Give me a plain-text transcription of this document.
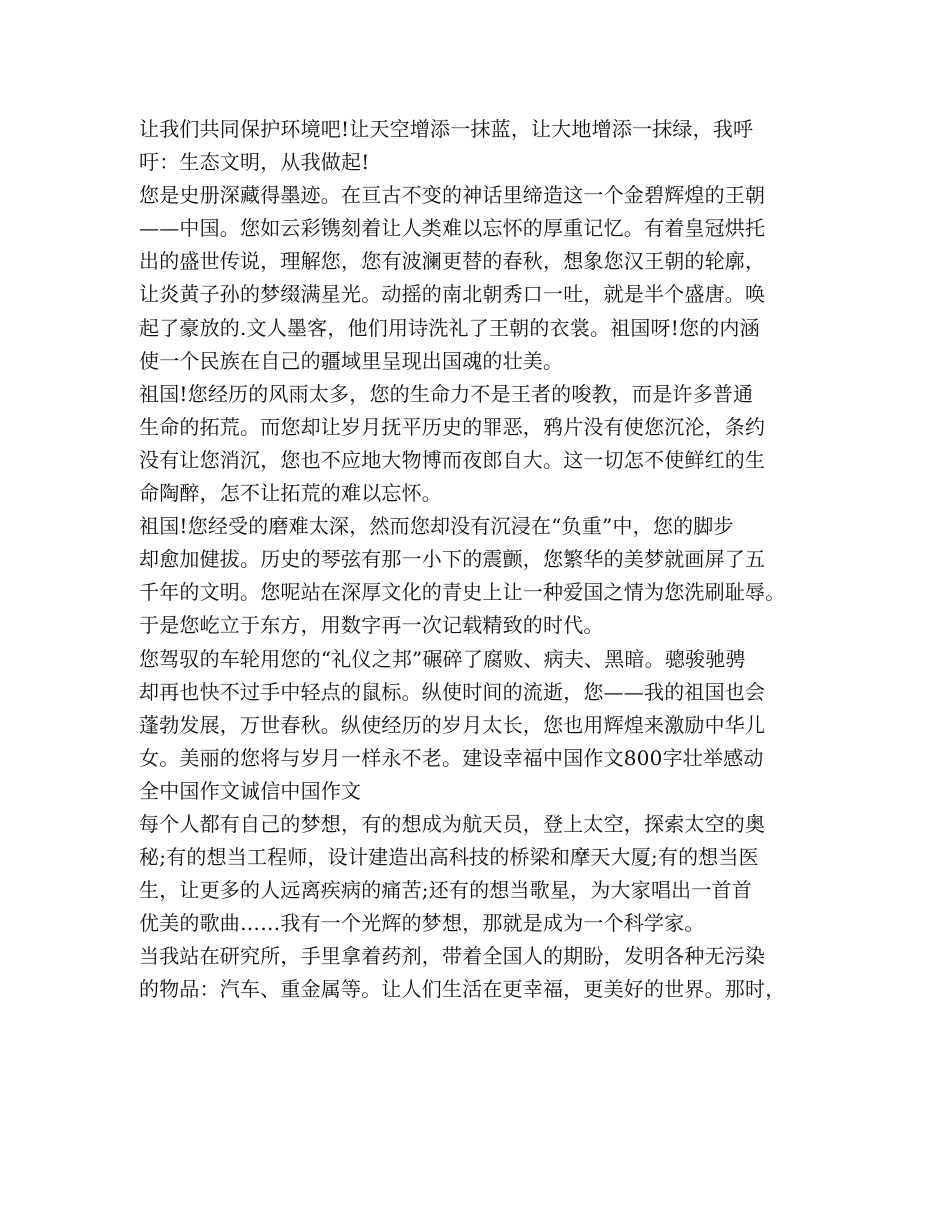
让我们共同保护环境吧!让天空增添一抹蓝，让大地增添一抹绿，我呼
吁：生态文明，从我做起!
您是史册深藏得墨迹。在亘古不变的神话里缔造这一个金碧辉煌的王朝
——中国。您如云彩镌刻着让人类难以忘怀的厚重记忆。有着皇冠烘托
出的盛世传说，理解您，您有波澜更替的春秋，想象您汉王朝的轮廓，
让炎黄子孙的梦缀满星光。动摇的南北朝秀口一吐，就是半个盛唐。唤
起了豪放的.文人墨客，他们用诗洗礼了王朝的衣裳。祖国呀!您的内涵
使一个民族在自己的疆域里呈现出国魂的壮美。
祖国!您经历的风雨太多，您的生命力不是王者的唆教，而是许多普通
生命的拓荒。而您却让岁月抚平历史的罪恶，鸦片没有使您沉沦，条约
没有让您消沉，您也不应地大物博而夜郎自大。这一切怎不使鲜红的生
命陶醉，怎不让拓荒的难以忘怀。
祖国!您经受的磨难太深，然而您却没有沉浸在“负重”中，您的脚步
却愈加健拔。历史的琴弦有那一小下的震颤，您繁华的美梦就画屏了五
千年的文明。您呢站在深厚文化的青史上让一种爱国之情为您洗刷耻辱。
于是您屹立于东方，用数字再一次记载精致的时代。
您驾驭的车轮用您的“礼仪之邦”碾碎了腐败、病夫、黑暗。骢骏驰骋
却再也快不过手中轻点的鼠标。纵使时间的流逝，您——我的祖国也会
蓬勃发展，万世春秋。纵使经历的岁月太长，您也用辉煌来激励中华儿
女。美丽的您将与岁月一样永不老。建设幸福中国作文800字壮举感动
全中国作文诚信中国作文
每个人都有自己的梦想，有的想成为航天员，登上太空，探索太空的奥
秘;有的想当工程师，设计建造出高科技的桥梁和摩天大厦;有的想当医
生，让更多的人远离疾病的痛苦;还有的想当歌星，为大家唱出一首首
优美的歌曲……我有一个光辉的梦想，那就是成为一个科学家。
当我站在研究所，手里拿着药剂，带着全国人的期盼，发明各种无污染
的物品：汽车、重金属等。让人们生活在更幸福，更美好的世界。那时，
